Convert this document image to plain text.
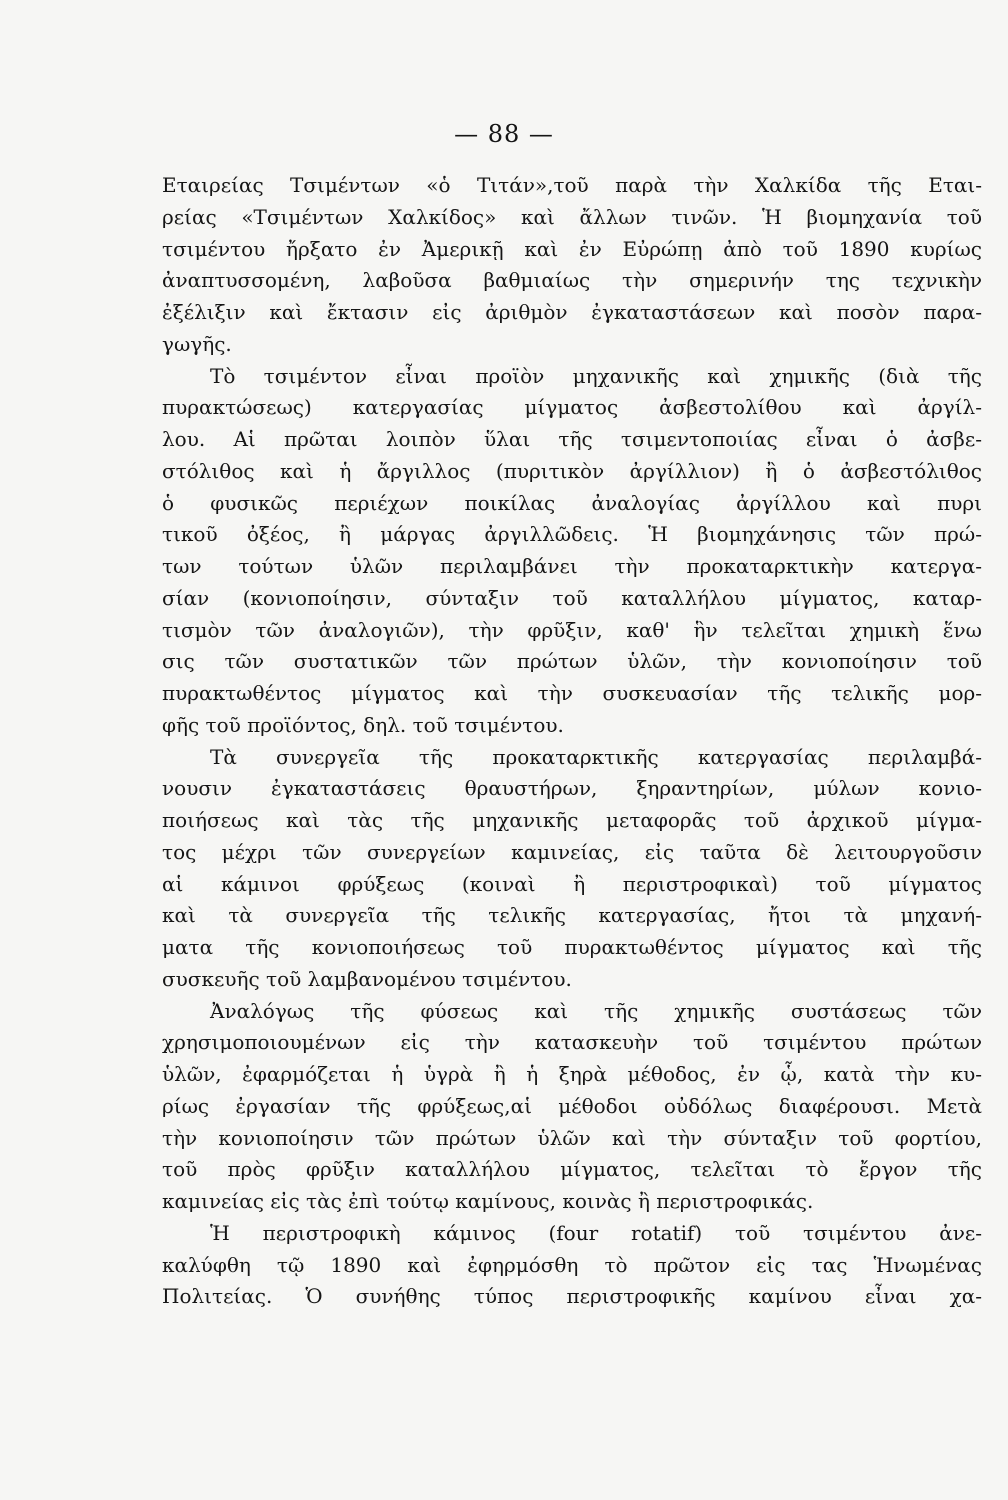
— 88 —
Εταιρείας Τσιμέντων «ὁ Τιτάν»,τοῦ παρὰ τὴν Χαλκίδα τῆς Εται-
ρείας «Τσιμέντων Χαλκίδος» καὶ ἄλλων τινῶν. Ἡ βιομηχανία τοῦ
τσιμέντου ἤρξατο ἐν Ἀμερικῇ καὶ ἐν Εὐρώπῃ ἀπὸ τοῦ 1890 κυρίως
ἀναπτυσσομένη, λαβοῦσα βαθμιαίως τὴν σημερινήν της τεχνικὴν
ἐξέλιξιν καὶ ἔκτασιν εἰς ἀριθμὸν ἐγκαταστάσεων καὶ ποσὸν παρα-
γωγῆς.
Τὸ τσιμέντον εἶναι προϊὸν μηχανικῆς καὶ χημικῆς (διὰ τῆς
πυρακτώσεως) κατεργασίας μίγματος ἀσβεστολίθου καὶ ἀργίλ-
λου. Αἱ πρῶται λοιπὸν ὕλαι τῆς τσιμεντοποιίας εἶναι ὁ ἀσβε-
στόλιθος καὶ ἡ ἄργιλλος (πυριτικὸν ἀργίλλιον) ἢ ὁ ἀσβεστόλιθος
ὁ φυσικῶς περιέχων ποικίλας ἀναλογίας ἀργίλλου καὶ πυρι
τικοῦ ὀξέος, ἢ μάργας ἀργιλλῶδεις. Ἡ βιομηχάνησις τῶν πρώ-
των τούτων ὑλῶν περιλαμβάνει τὴν προκαταρκτικὴν κατεργα-
σίαν (κονιοποίησιν, σύνταξιν τοῦ καταλλήλου μίγματος, καταρ-
τισμὸν τῶν ἀναλογιῶν), τὴν φρῦξιν, καθ' ἣν τελεῖται χημικὴ ἕνω
σις τῶν συστατικῶν τῶν πρώτων ὑλῶν, τὴν κονιοποίησιν τοῦ
πυρακτωθέντος μίγματος καὶ τὴν συσκευασίαν τῆς τελικῆς μορ-
φῆς τοῦ προϊόντος, δηλ. τοῦ τσιμέντου.
Τὰ συνεργεῖα τῆς προκαταρκτικῆς κατεργασίας περιλαμβά-
νουσιν ἐγκαταστάσεις θραυστήρων, ξηραντηρίων, μύλων κονιο-
ποιήσεως καὶ τὰς τῆς μηχανικῆς μεταφορᾶς τοῦ ἀρχικοῦ μίγμα-
τος μέχρι τῶν συνεργείων καμινείας, εἰς ταῦτα δὲ λειτουργοῦσιν
αἱ κάμινοι φρύξεως (κοιναὶ ἢ περιστροφικαὶ) τοῦ μίγματος
καὶ τὰ συνεργεῖα τῆς τελικῆς κατεργασίας, ἤτοι τὰ μηχανή-
ματα τῆς κονιοποιήσεως τοῦ πυρακτωθέντος μίγματος καὶ τῆς
συσκευῆς τοῦ λαμβανομένου τσιμέντου.
Ἀναλόγως τῆς φύσεως καὶ τῆς χημικῆς συστάσεως τῶν
χρησιμοποιουμένων εἰς τὴν κατασκευὴν τοῦ τσιμέντου πρώτων
ὑλῶν, ἐφαρμόζεται ἡ ὑγρὰ ἢ ἡ ξηρὰ μέθοδος, ἐν ᾧ, κατὰ τὴν κυ-
ρίως ἐργασίαν τῆς φρύξεως,αἱ μέθοδοι οὐδόλως διαφέρουσι. Μετὰ
τὴν κονιοποίησιν τῶν πρώτων ὑλῶν καὶ τὴν σύνταξιν τοῦ φορτίου,
τοῦ πρὸς φρῦξιν καταλλήλου μίγματος, τελεῖται τὸ ἔργον τῆς
καμινείας εἰς τὰς ἐπὶ τούτῳ καμίνους, κοινὰς ἢ περιστροφικάς.
Ἡ περιστροφικὴ κάμινος (four rotatif) τοῦ τσιμέντου ἀνε-
καλύφθη τῷ 1890 καὶ ἐφηρμόσθη τὸ πρῶτον εἰς τας Ἡνωμένας
Πολιτείας. Ὁ συνήθης τύπος περιστροφικῆς καμίνου εἶναι χα-
